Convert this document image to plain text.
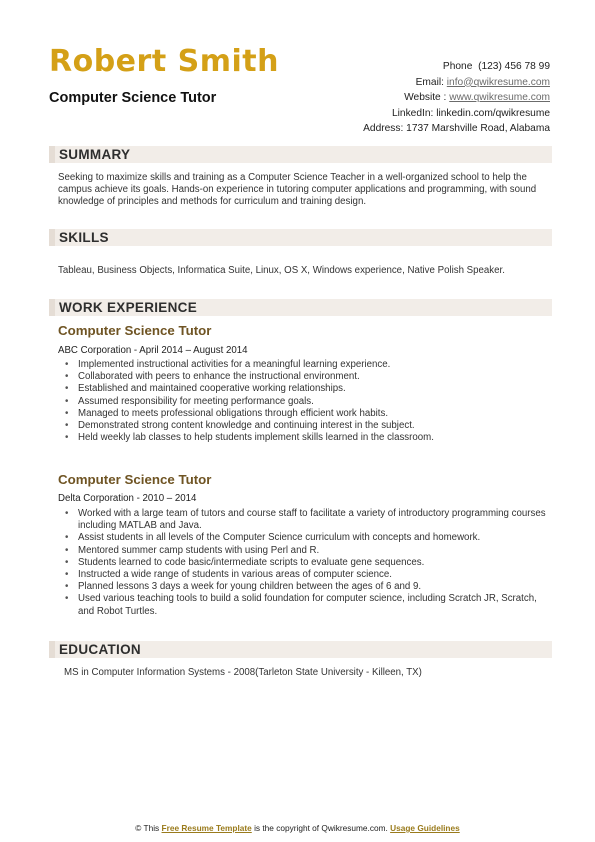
Robert Smith
Computer Science Tutor
Phone (123) 456 78 99
Email: info@qwikresume.com
Website : www.qwikresume.com
LinkedIn: linkedin.com/qwikresume
Address: 1737 Marshville Road, Alabama
SUMMARY
Seeking to maximize skills and training as a Computer Science Teacher in a well-organized school to help the campus achieve its goals. Hands-on experience in tutoring computer applications and programming, with sound knowledge of principles and methods for curriculum and training design.
SKILLS
Tableau, Business Objects, Informatica Suite, Linux, OS X, Windows experience, Native Polish Speaker.
WORK EXPERIENCE
Computer Science Tutor
ABC Corporation - April 2014 – August 2014
• Implemented instructional activities for a meaningful learning experience.
• Collaborated with peers to enhance the instructional environment.
• Established and maintained cooperative working relationships.
• Assumed responsibility for meeting performance goals.
• Managed to meets professional obligations through efficient work habits.
• Demonstrated strong content knowledge and continuing interest in the subject.
• Held weekly lab classes to help students implement skills learned in the classroom.
Computer Science Tutor
Delta Corporation - 2010 – 2014
• Worked with a large team of tutors and course staff to facilitate a variety of introductory programming courses including MATLAB and Java.
• Assist students in all levels of the Computer Science curriculum with concepts and homework.
• Mentored summer camp students with using Perl and R.
• Students learned to code basic/intermediate scripts to evaluate gene sequences.
• Instructed a wide range of students in various areas of computer science.
• Planned lessons 3 days a week for young children between the ages of 6 and 9.
• Used various teaching tools to build a solid foundation for computer science, including Scratch JR, Scratch, and Robot Turtles.
EDUCATION
MS in Computer Information Systems - 2008(Tarleton State University - Killeen, TX)
© This Free Resume Template is the copyright of Qwikresume.com. Usage Guidelines
